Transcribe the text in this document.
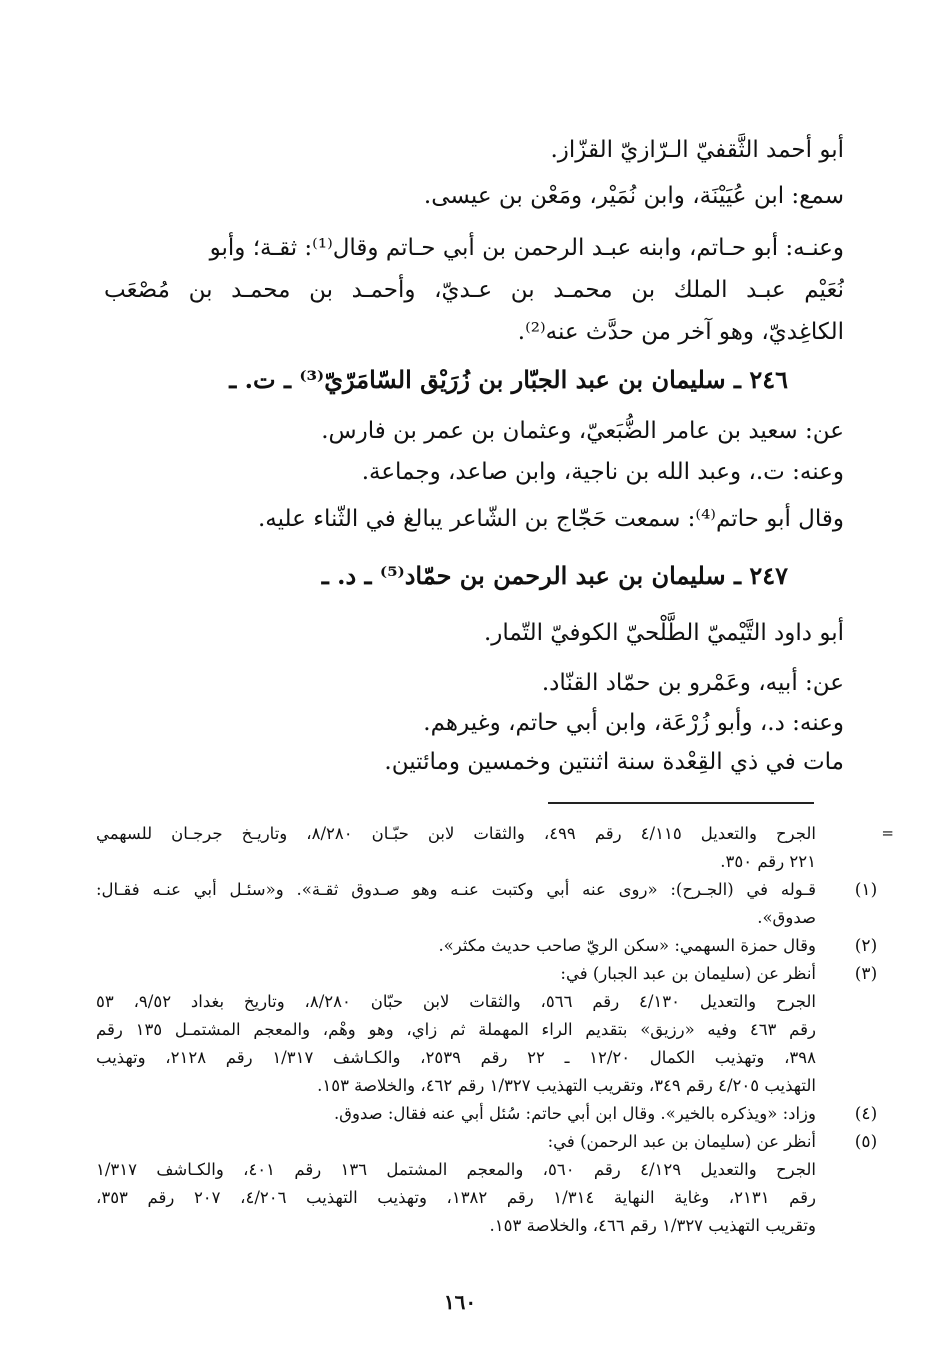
أبو أحمد الثَّقفيّ الـرّازيّ القزّاز.
سمع: ابن عُيَيْنَة، وابن نُمَيْر، ومَعْن بن عيسى.
وعنـه: أبو حـاتم، وابنه عبـد الرحمن بن أبي حـاتم وقال⁽¹⁾: ثقـة؛ وأبو
نُعَيْم عبـد الملك بن محمـد بن عـديّ، وأحمـد بن محمـد بن مُصْعَب
الكاغِديّ، وهو آخر من حدَّث عنه⁽²⁾.
٢٤٦ ـ سليمان بن عبد الجبّار بن زُرَيْق السّامَرّيّ⁽³⁾ ـ ت. ـ
عن: سعيد بن عامر الضُّبَعيّ، وعثمان بن عمر بن فارس.
وعنه: ت.، وعبد الله بن ناجية، وابن صاعد، وجماعة.
وقال أبو حاتم⁽⁴⁾: سمعت حَجّاج بن الشّاعر يبالغ في الثّناء عليه.
٢٤٧ ـ سليمان بن عبد الرحمن بن حمّاد⁽⁵⁾ ـ د. ـ
أبو داود التَّيْميّ الطَّلْحيّ الكوفيّ التّمار.
عن: أبيه، وعَمْرو بن حمّاد القنّاد.
وعنه: د.، وأبو زُرْعَة، وابن أبي حاتم، وغيرهم.
مات في ذي القِعْدة سنة اثنتين وخمسين ومائتين.
=
الجرح والتعديل ٤/١١٥ رقم ٤٩٩، والثقات لابن حبّـان ٨/٢٨٠، وتاريـخ جرجـان للسهمي
٢٢١ رقم ٣٥٠.
(١)
قـوله في (الجـرح): «روى عنه أبي وكتبت عنـه وهو صـدوق ثقـة». و«سئـل أبي عنـه فقـال:
صدوق».
(٢)
وقال حمزة السهمي: «سكن الريّ صاحب حديث مكثر».
(٣)
أنظر عن (سليمان بن عبد الجبار) في:
الجرح والتعديل ٤/١٣٠ رقم ٥٦٦، والثقات لابن حبّان ٨/٢٨٠، وتاريخ بغداد ٩/٥٢، ٥٣
رقم ٤٦٣ وفيه «رزيق» بتقديم الراء المهملة ثم زاي، وهو وهْم، والمعجم المشتمـل ١٣٥ رقم
٣٩٨، وتهذيب الكمال ١٢/٢٠ ـ ٢٢ رقم ٢٥٣٩، والكـاشف ١/٣١٧ رقم ٢١٢٨، وتهذيب
التهذيب ٤/٢٠٥ رقم ٣٤٩، وتقريب التهذيب ١/٣٢٧ رقم ٤٦٢، والخلاصة ١٥٣.
(٤)
وزاد: «ويذكره بالخير». وقال ابن أبي حاتم: سُئل أبي عنه فقال: صدوق.
(٥)
أنظر عن (سليمان بن عبد الرحمن) في:
الجرح والتعديل ٤/١٢٩ رقم ٥٦٠، والمعجم المشتمل ١٣٦ رقم ٤٠١، والكـاشف ١/٣١٧
رقم ٢١٣١، وغاية النهاية ١/٣١٤ رقم ١٣٨٢، وتهذيب التهذيب ٤/٢٠٦، ٢٠٧ رقم ٣٥٣،
وتقريب التهذيب ١/٣٢٧ رقم ٤٦٦، والخلاصة ١٥٣.
١٦٠
